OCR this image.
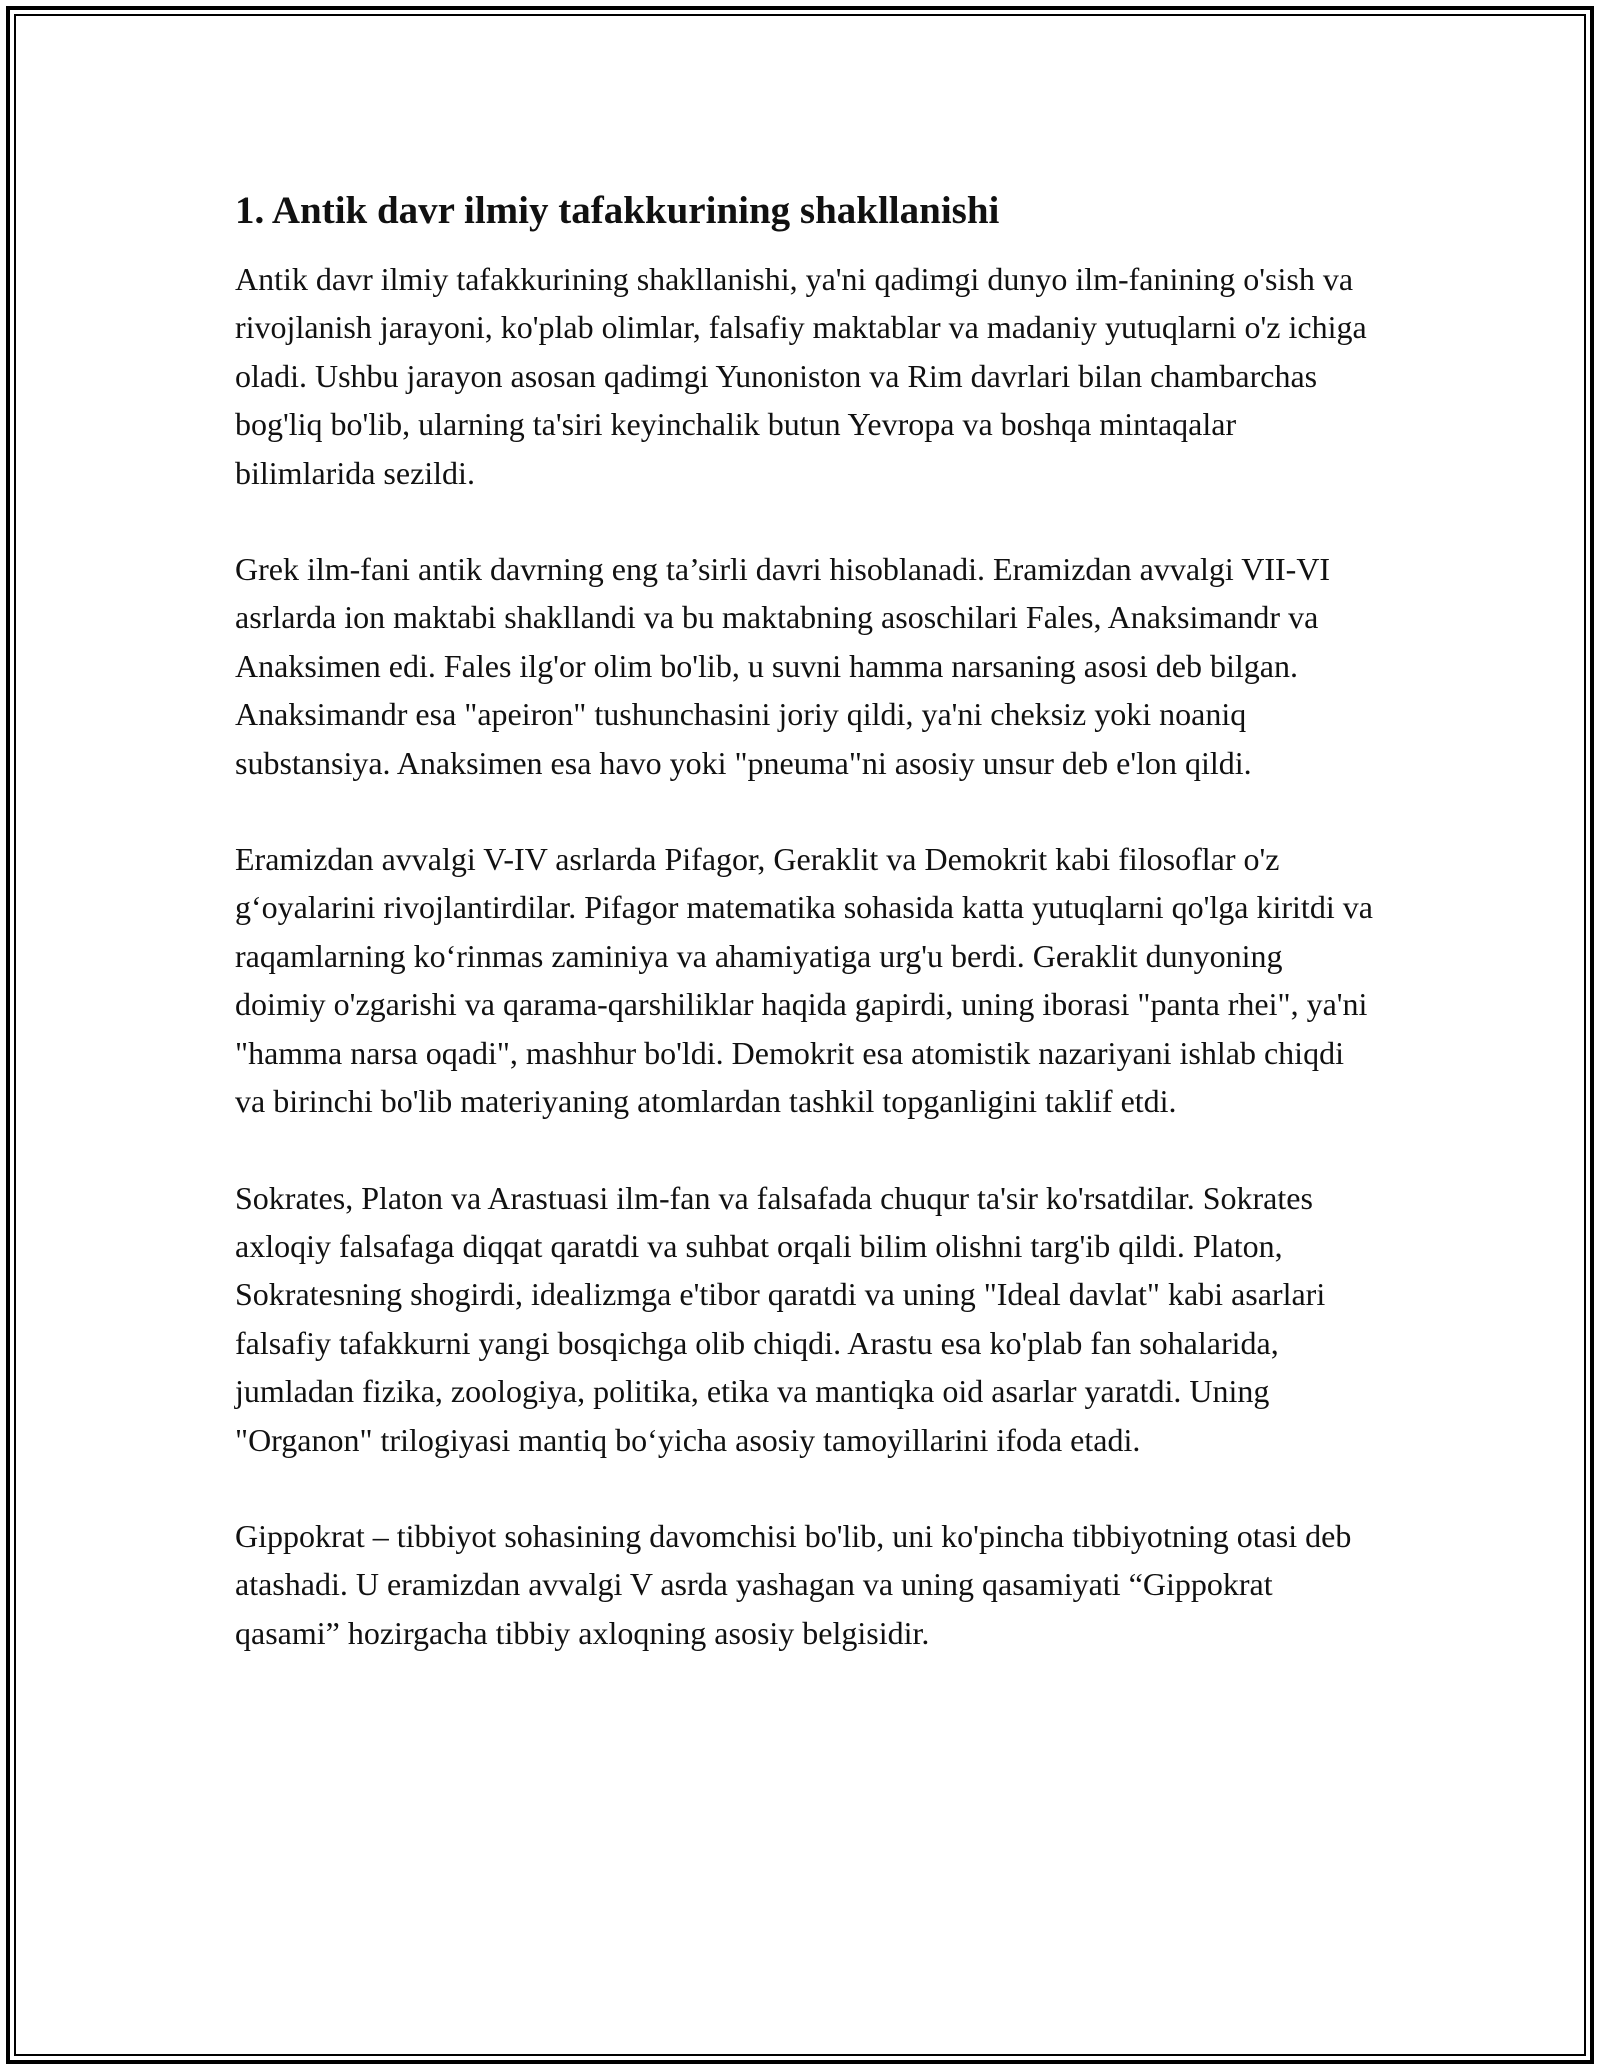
1. Antik davr ilmiy tafakkurining shakllanishi

Antik davr ilmiy tafakkurining shakllanishi, ya'ni qadimgi dunyo ilm-fanining o'sish va rivojlanish jarayoni, ko'plab olimlar, falsafiy maktablar va madaniy yutuqlarni o'z ichiga oladi. Ushbu jarayon asosan qadimgi Yunoniston va Rim davrlari bilan chambarchas bog'liq bo'lib, ularning ta'siri keyinchalik butun Yevropa va boshqa mintaqalar bilimlarida sezildi.

Grek ilm-fani antik davrning eng ta’sirli davri hisoblanadi. Eramizdan avvalgi VII-VI asrlarda ion maktabi shakllandi va bu maktabning asoschilari Fales, Anaksimandr va Anaksimen edi. Fales ilg'or olim bo'lib, u suvni hamma narsaning asosi deb bilgan. Anaksimandr esa "apeiron" tushunchasini joriy qildi, ya'ni cheksiz yoki noaniq substansiya. Anaksimen esa havo yoki "pneuma"ni asosiy unsur deb e'lon qildi.

Eramizdan avvalgi V-IV asrlarda Pifagor, Geraklit va Demokrit kabi filosoflar o'z g‘oyalarini rivojlantirdilar. Pifagor matematika sohasida katta yutuqlarni qo'lga kiritdi va raqamlarning ko‘rinmas zaminiya va ahamiyatiga urg'u berdi. Geraklit dunyoning doimiy o'zgarishi va qarama-qarshiliklar haqida gapirdi, uning iborasi "panta rhei", ya'ni "hamma narsa oqadi", mashhur bo'ldi. Demokrit esa atomistik nazariyani ishlab chiqdi va birinchi bo'lib materiyaning atomlardan tashkil topganligini taklif etdi.

Sokrates, Platon va Arastuasi ilm-fan va falsafada chuqur ta'sir ko'rsatdilar. Sokrates axloqiy falsafaga diqqat qaratdi va suhbat orqali bilim olishni targ'ib qildi. Platon, Sokratesning shogirdi, idealizmga e'tibor qaratdi va uning "Ideal davlat" kabi asarlari falsafiy tafakkurni yangi bosqichga olib chiqdi. Arastu esa ko'plab fan sohalarida, jumladan fizika, zoologiya, politika, etika va mantiqka oid asarlar yaratdi. Uning "Organon" trilogiyasi mantiq bo‘yicha asosiy tamoyillarini ifoda etadi.

Gippokrat – tibbiyot sohasining davomchisi bo'lib, uni ko'pincha tibbiyotning otasi deb atashadi. U eramizdan avvalgi V asrda yashagan va uning qasamiyati “Gippokrat qasami” hozirgacha tibbiy axloqning asosiy belgisidir.
